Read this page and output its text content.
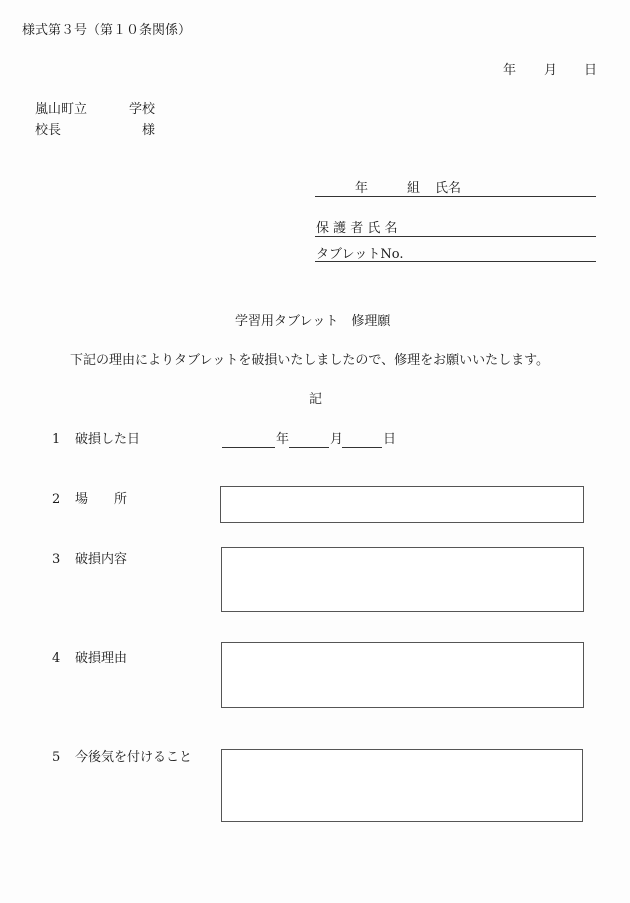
様式第３号（第１０条関係）
年 月 日
嵐山町立	学校
校長	様
年	組 氏名
保 護 者 氏 名
タブレットNo.
学習用タブレット　修理願
下記の理由によりタブレットを破損いたしましたので、修理をお願いいたします。
記
1 破損した日	年	月	日
2 場　　所
3 破損内容
4 破損理由
5 今後気を付けること
